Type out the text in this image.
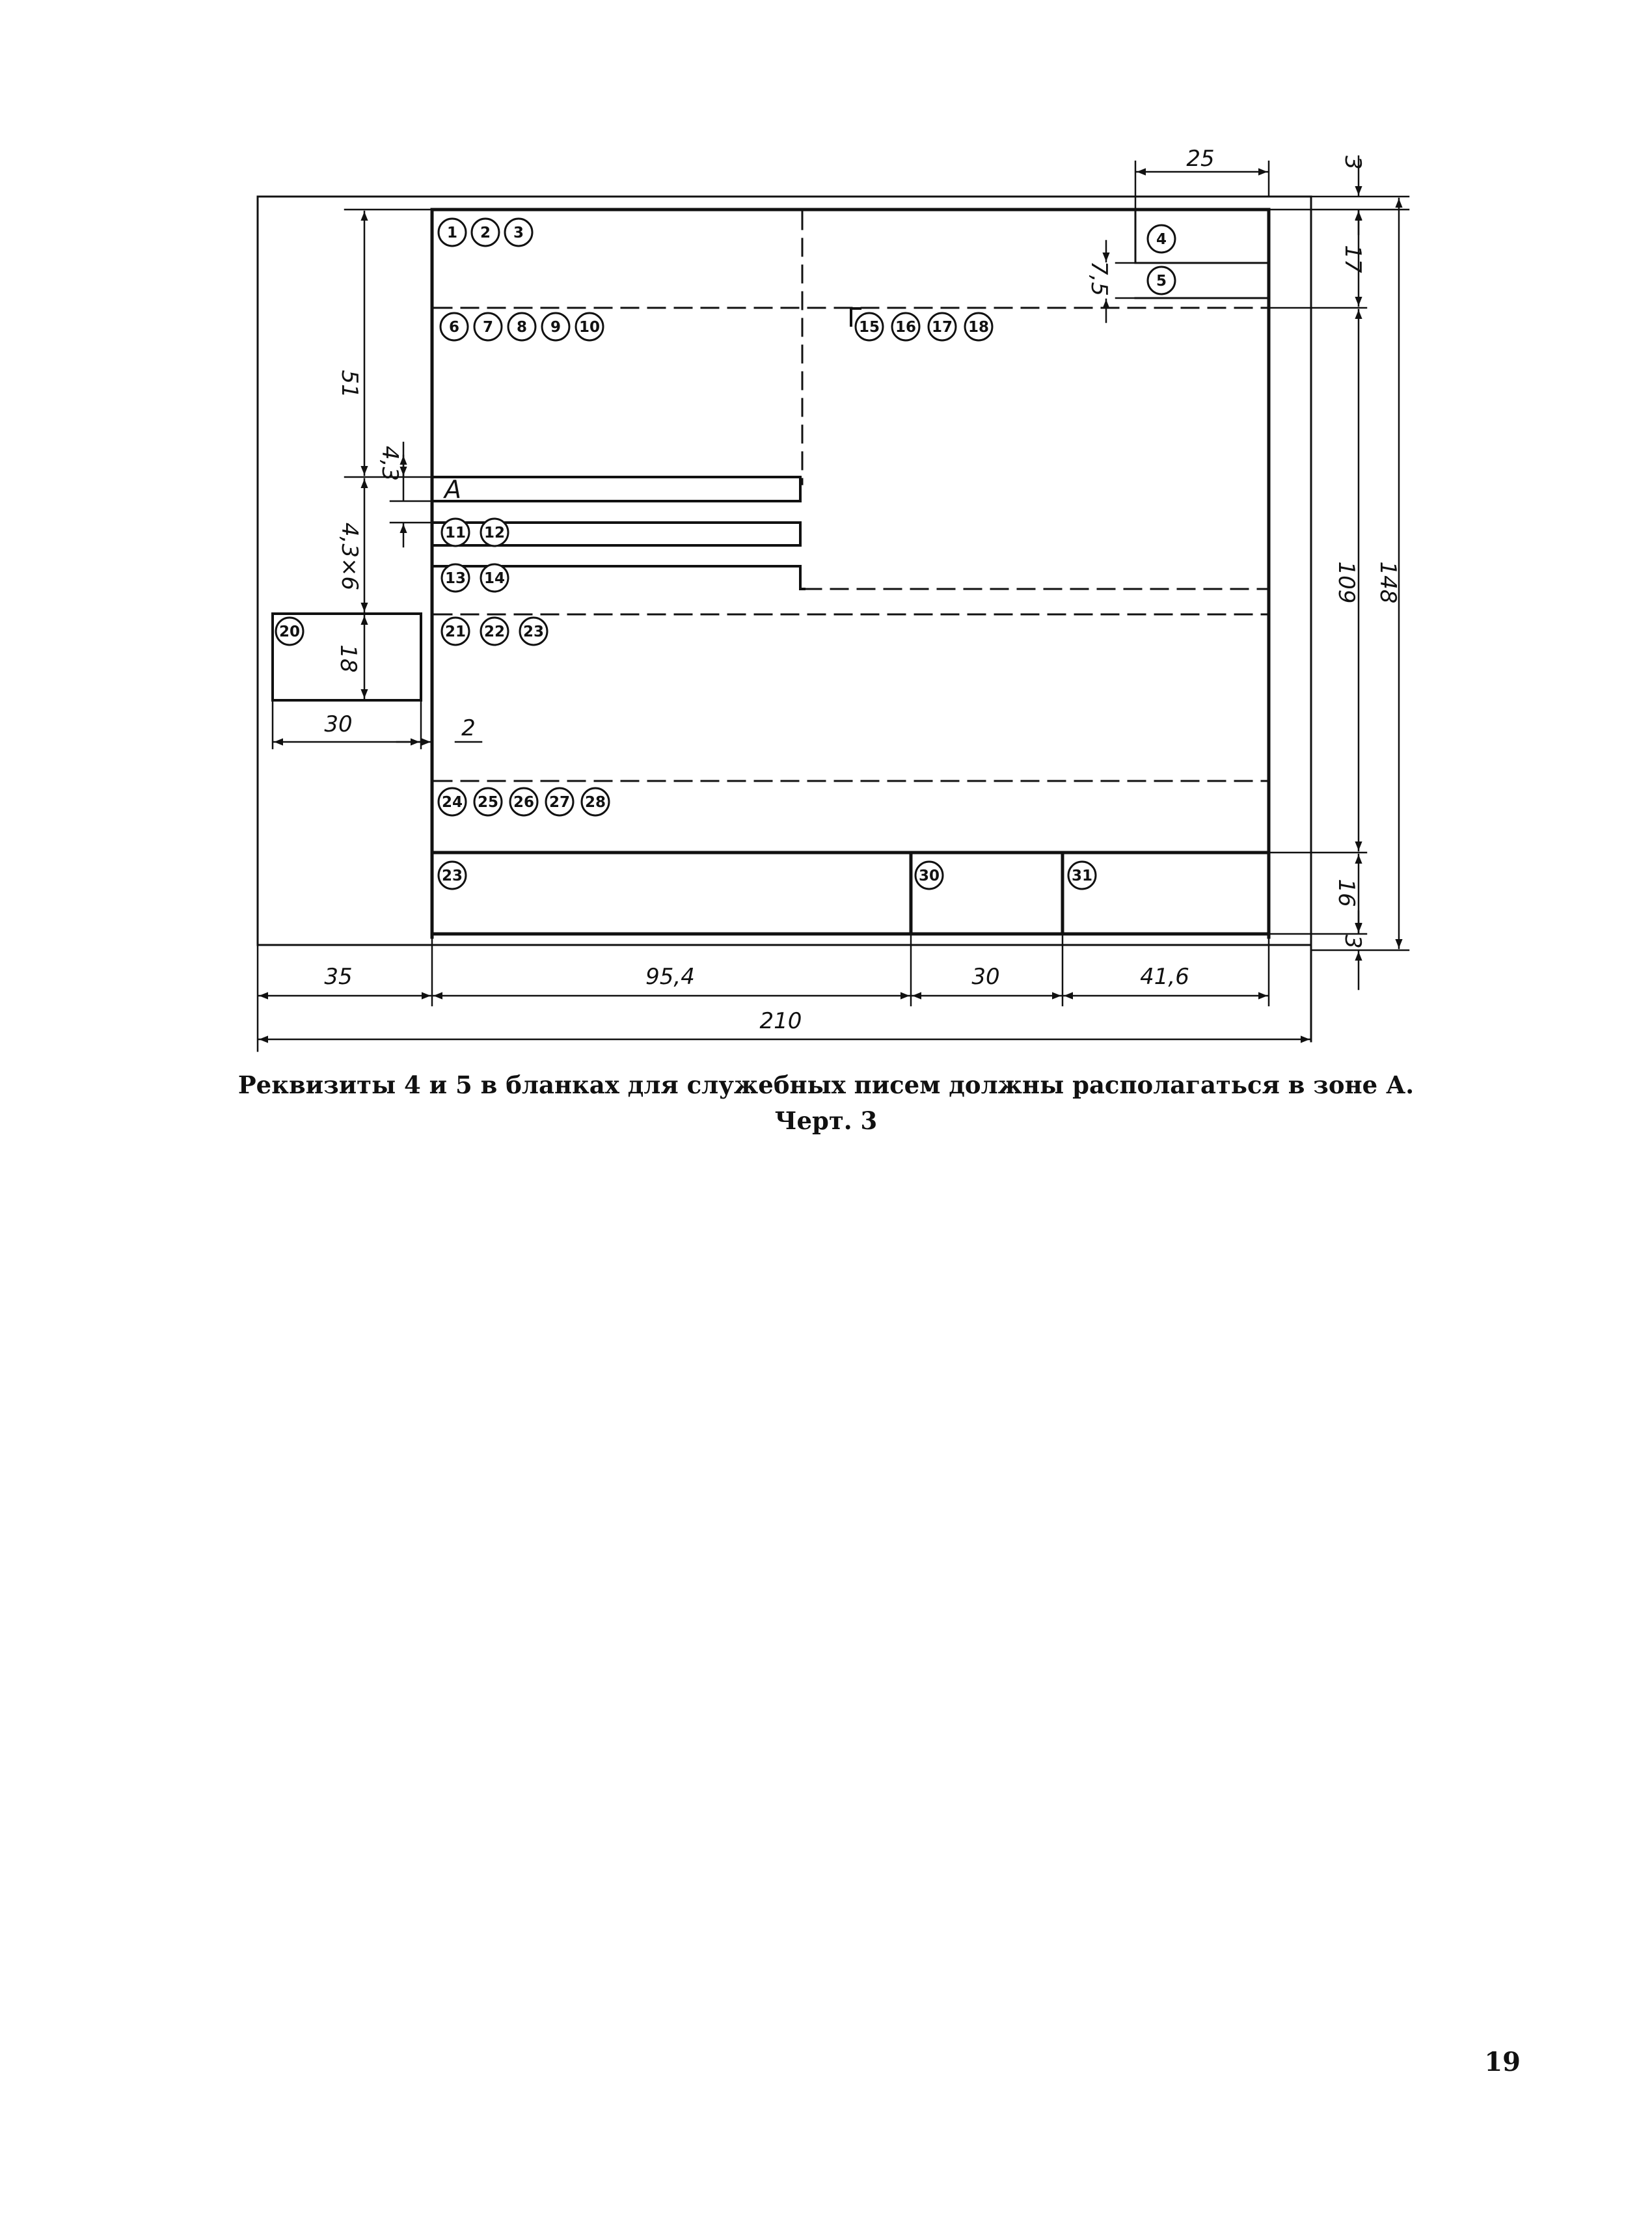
А
1 2 3	4
5
6 7 8 9 10
11 12
13 14
15 16 17 18
20	21 22 23
24 25 26 27 28
23	30	31
25	3
17
7,5
51
4,3
4,3×6
18
30	2
109 148
16
3
35	95,4	30	41,6
210
Реквизиты 4 и 5 в бланках для служебных писем должны располагаться в зоне А.
Черт. 3
19
